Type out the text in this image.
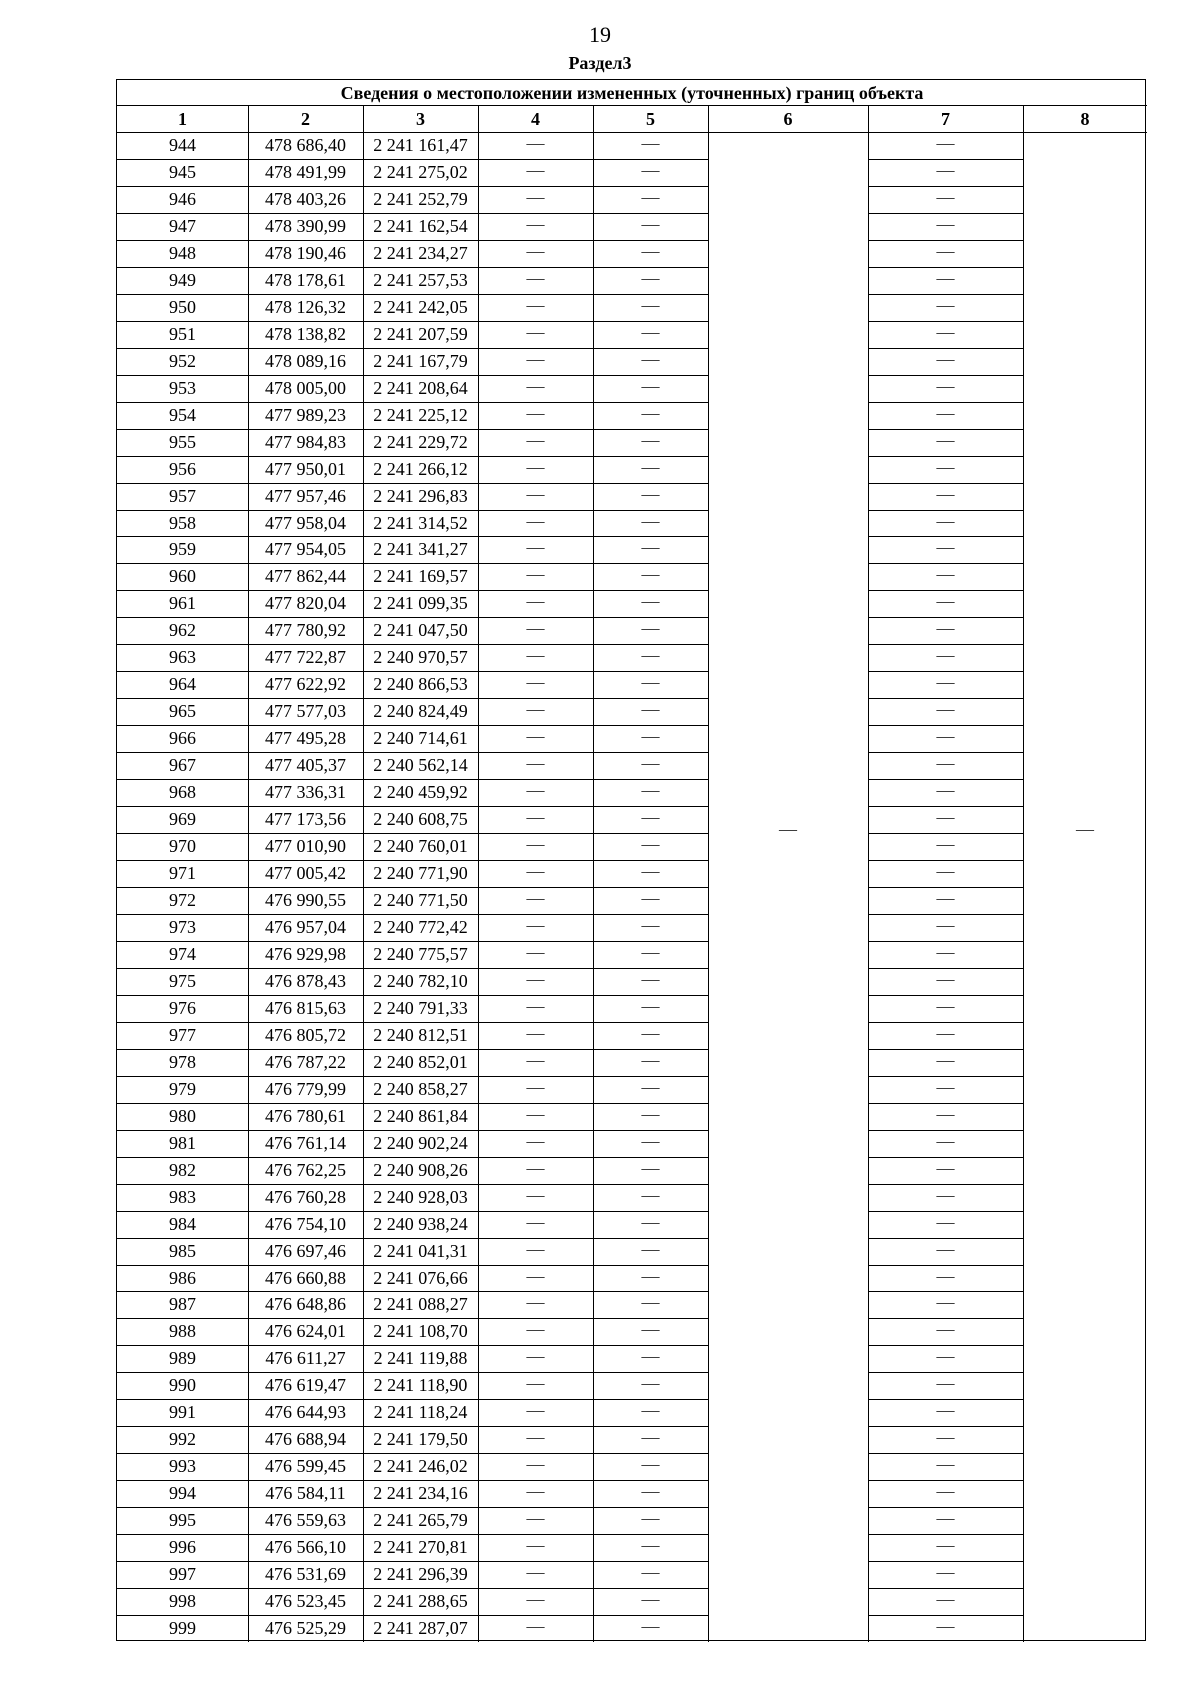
19
Раздел3
Сведения о местоположении измененных (уточненных) границ объекта
1	2	3	4	5	6	7	8
944	478 686,40	2 241 161,47	—	—	—
945	478 491,99	2 241 275,02	—	—	—
946	478 403,26	2 241 252,79	—	—	—
947	478 390,99	2 241 162,54	—	—	—
948	478 190,46	2 241 234,27	—	—	—
949	478 178,61	2 241 257,53	—	—	—
950	478 126,32	2 241 242,05	—	—	—
951	478 138,82	2 241 207,59	—	—	—
952	478 089,16	2 241 167,79	—	—	—
953	478 005,00	2 241 208,64	—	—	—
954	477 989,23	2 241 225,12	—	—	—
955	477 984,83	2 241 229,72	—	—	—
956	477 950,01	2 241 266,12	—	—	—
957	477 957,46	2 241 296,83	—	—	—
958	477 958,04	2 241 314,52	—	—	—
959	477 954,05	2 241 341,27	—	—	—
960	477 862,44	2 241 169,57	—	—	—
961	477 820,04	2 241 099,35	—	—	—
962	477 780,92	2 241 047,50	—	—	—
963	477 722,87	2 240 970,57	—	—	—
964	477 622,92	2 240 866,53	—	—	—
965	477 577,03	2 240 824,49	—	—	—
966	477 495,28	2 240 714,61	—	—	—
967	477 405,37	2 240 562,14	—	—	—
968	477 336,31	2 240 459,92	—	—	—
969	477 173,56	2 240 608,75	—	—	—
970	477 010,90	2 240 760,01	—	—	—
971	477 005,42	2 240 771,90	—	—	—
972	476 990,55	2 240 771,50	—	—	—
973	476 957,04	2 240 772,42	—	—	—
974	476 929,98	2 240 775,57	—	—	—
975	476 878,43	2 240 782,10	—	—	—
976	476 815,63	2 240 791,33	—	—	—
977	476 805,72	2 240 812,51	—	—	—
978	476 787,22	2 240 852,01	—	—	—
979	476 779,99	2 240 858,27	—	—	—
980	476 780,61	2 240 861,84	—	—	—
981	476 761,14	2 240 902,24	—	—	—
982	476 762,25	2 240 908,26	—	—	—
983	476 760,28	2 240 928,03	—	—	—
984	476 754,10	2 240 938,24	—	—	—
985	476 697,46	2 241 041,31	—	—	—
986	476 660,88	2 241 076,66	—	—	—
987	476 648,86	2 241 088,27	—	—	—
988	476 624,01	2 241 108,70	—	—	—
989	476 611,27	2 241 119,88	—	—	—
990	476 619,47	2 241 118,90	—	—	—
991	476 644,93	2 241 118,24	—	—	—
992	476 688,94	2 241 179,50	—	—	—
993	476 599,45	2 241 246,02	—	—	—
994	476 584,11	2 241 234,16	—	—	—
995	476 559,63	2 241 265,79	—	—	—
996	476 566,10	2 241 270,81	—	—	—
997	476 531,69	2 241 296,39	—	—	—
998	476 523,45	2 241 288,65	—	—	—
999	476 525,29	2 241 287,07	—	—	—
—	—
